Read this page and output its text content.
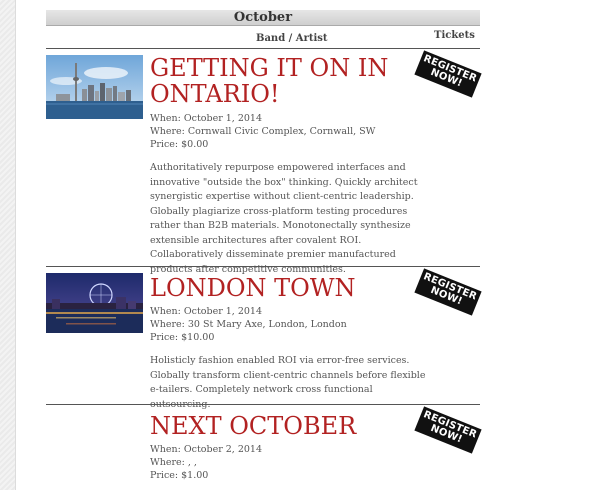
October
Band / Artist	Tickets
GETTING IT ON IN ONTARIO!
When: October 1, 2014
Where: Cornwall Civic Complex, Cornwall, SW
Price: $0.00
Authoritatively repurpose empowered interfaces and innovative "outside the box" thinking. Quickly architect synergistic expertise without client-centric leadership. Globally plagiarize cross-platform testing procedures rather than B2B materials. Monotonectally synthesize extensible architectures after covalent ROI. Collaboratively disseminate premier manufactured products after competitive communities.
REGISTER NOW!
LONDON TOWN
When: October 1, 2014
Where: 30 St Mary Axe, London, London
Price: $10.00
Holisticly fashion enabled ROI via error-free services. Globally transform client-centric channels before flexible e-tailers. Completely network cross functional outsourcing.
REGISTER NOW!
NEXT OCTOBER
When: October 2, 2014
Where: , ,
Price: $1.00
REGISTER NOW!
